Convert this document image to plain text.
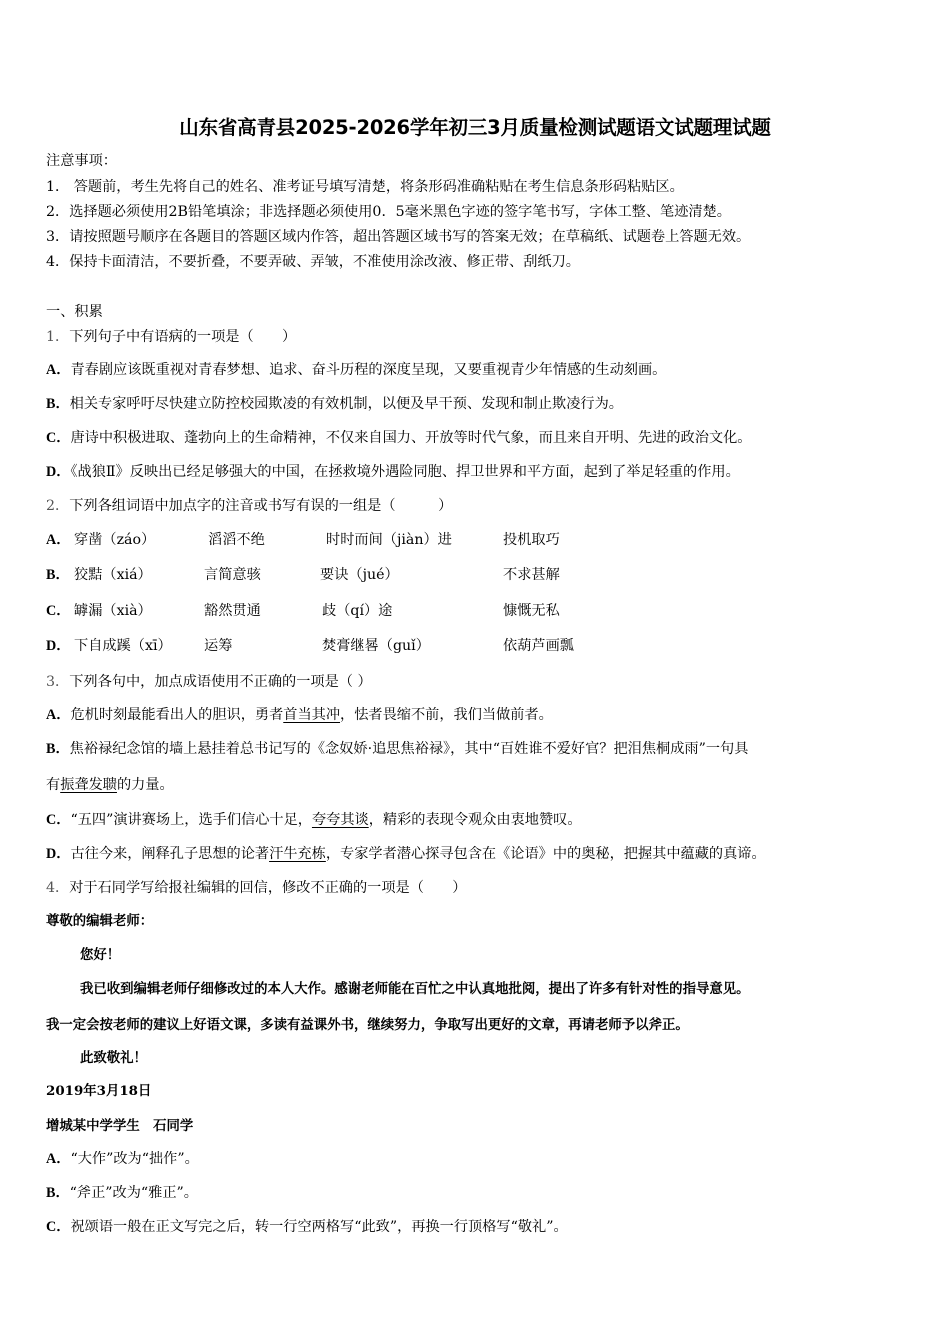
山东省高青县2025-2026学年初三3月质量检测试题语文试题理试题
注意事项：
1． 答题前，考生先将自己的姓名、准考证号填写清楚，将条形码准确粘贴在考生信息条形码粘贴区。
2．选择题必须使用2B铅笔填涂；非选择题必须使用0．5毫米黑色字迹的签字笔书写，字体工整、笔迹清楚。
3．请按照题号顺序在各题目的答题区域内作答，超出答题区域书写的答案无效；在草稿纸、试题卷上答题无效。
4．保持卡面清洁，不要折叠，不要弄破、弄皱，不准使用涂改液、修正带、刮纸刀。
一、积累
1．下列句子中有语病的一项是（　　）
A．青春剧应该既重视对青春梦想、追求、奋斗历程的深度呈现，又要重视青少年情感的生动刻画。
B．相关专家呼吁尽快建立防控校园欺凌的有效机制，以便及早干预、发现和制止欺凌行为。
C．唐诗中积极进取、蓬勃向上的生命精神，不仅来自国力、开放等时代气象，而且来自开明、先进的政治文化。
D．《战狼Ⅱ》反映出已经足够强大的中国，在拯救境外遇险同胞、捍卫世界和平方面，起到了举足轻重的作用。
2．下列各组词语中加点字的注音或书写有误的一组是（　　　）
A． 穿凿（záo）	滔滔不绝	时时而间（jiàn）进	投机取巧
B． 狡黠（xiá）	言简意骇	要诀（jué）	不求甚解
C． 罅漏（xià）	豁然贯通	歧（qí）途	慷慨无私
D． 下自成蹊（xī） 运筹	焚膏继晷（guǐ）	依葫芦画瓢
3．下列各句中，加点成语使用不正确的一项是（ ）
A．危机时刻最能看出人的胆识，勇者首当其冲，怯者畏缩不前，我们当做前者。
B．焦裕禄纪念馆的墙上悬挂着总书记写的《念奴娇·追思焦裕禄》，其中“百姓谁不爱好官？把泪焦桐成雨”一句具
有振聋发聩的力量。
C．“五四”演讲赛场上，选手们信心十足，夸夸其谈，精彩的表现令观众由衷地赞叹。
D．古往今来，阐释孔子思想的论著汗牛充栋，专家学者潜心探寻包含在《论语》中的奥秘，把握其中蕴藏的真谛。
4．对于石同学写给报社编辑的回信，修改不正确的一项是（　　）
尊敬的编辑老师：
您好！
我已收到编辑老师仔细修改过的本人大作。感谢老师能在百忙之中认真地批阅，提出了许多有针对性的指导意见。
我一定会按老师的建议上好语文课，多读有益课外书，继续努力，争取写出更好的文章，再请老师予以斧正。
此致敬礼！
2019年3月18日
增城某中学学生　石同学
A．“大作”改为“拙作”。
B．“斧正”改为“雅正”。
C．祝颂语一般在正文写完之后，转一行空两格写“此致”，再换一行顶格写“敬礼”。
